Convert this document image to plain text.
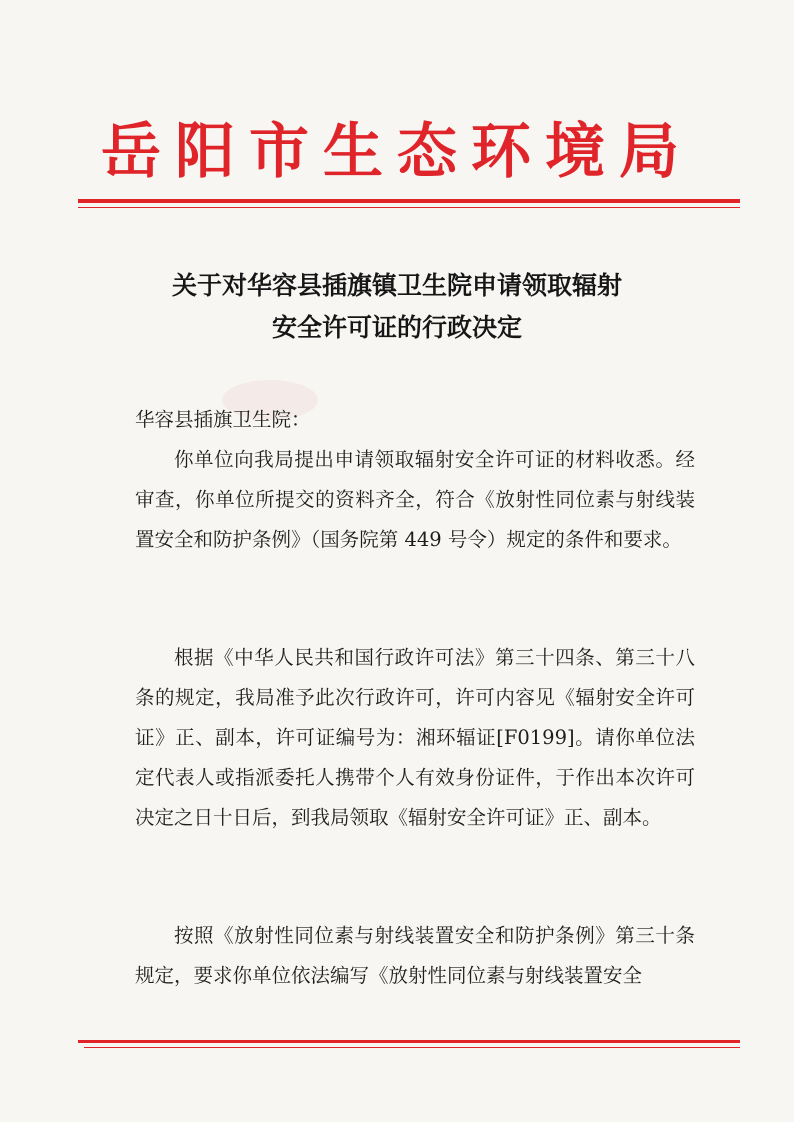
岳阳市生态环境局
关于对华容县插旗镇卫生院申请领取辐射
安全许可证的行政决定
华容县插旗卫生院：
你单位向我局提出申请领取辐射安全许可证的材料收悉。经审查，你单位所提交的资料齐全，符合《放射性同位素与射线装置安全和防护条例》（国务院第 449 号令）规定的条件和要求。
根据《中华人民共和国行政许可法》第三十四条、第三十八条的规定，我局准予此次行政许可，许可内容见《辐射安全许可证》正、副本，许可证编号为：湘环辐证[F0199]。请你单位法定代表人或指派委托人携带个人有效身份证件，于作出本次许可决定之日十日后，到我局领取《辐射安全许可证》正、副本。
按照《放射性同位素与射线装置安全和防护条例》第三十条规定，要求你单位依法编写《放射性同位素与射线装置安全
